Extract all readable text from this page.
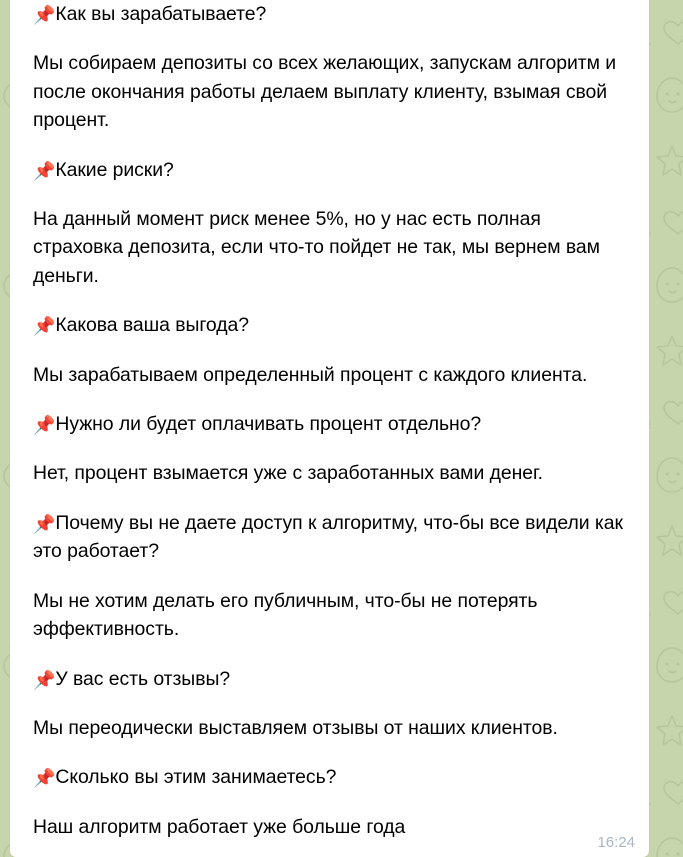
📌Как вы зарабатываете?

Мы собираем депозиты со всех желающих, запускам алгоритм и после окончания работы делаем выплату клиенту, взымая свой процент.

📌Какие риски?

На данный момент риск менее 5%, но у нас есть полная страховка депозита, если что-то пойдет не так, мы вернем вам деньги.

📌Какова ваша выгода?

Мы зарабатываем определенный процент с каждого клиента.

📌Нужно ли будет оплачивать процент отдельно?

Нет, процент взымается уже с заработанных вами денег.

📌Почему вы не даете доступ к алгоритму, что-бы все видели как это работает?

Мы не хотим делать его публичным, что-бы не потерять эффективность.

📌У вас есть отзывы?

Мы переодически выставляем отзывы от наших клиентов.

📌Сколько вы этим занимаетесь?

Наш алгоритм работает уже больше года

16:24
